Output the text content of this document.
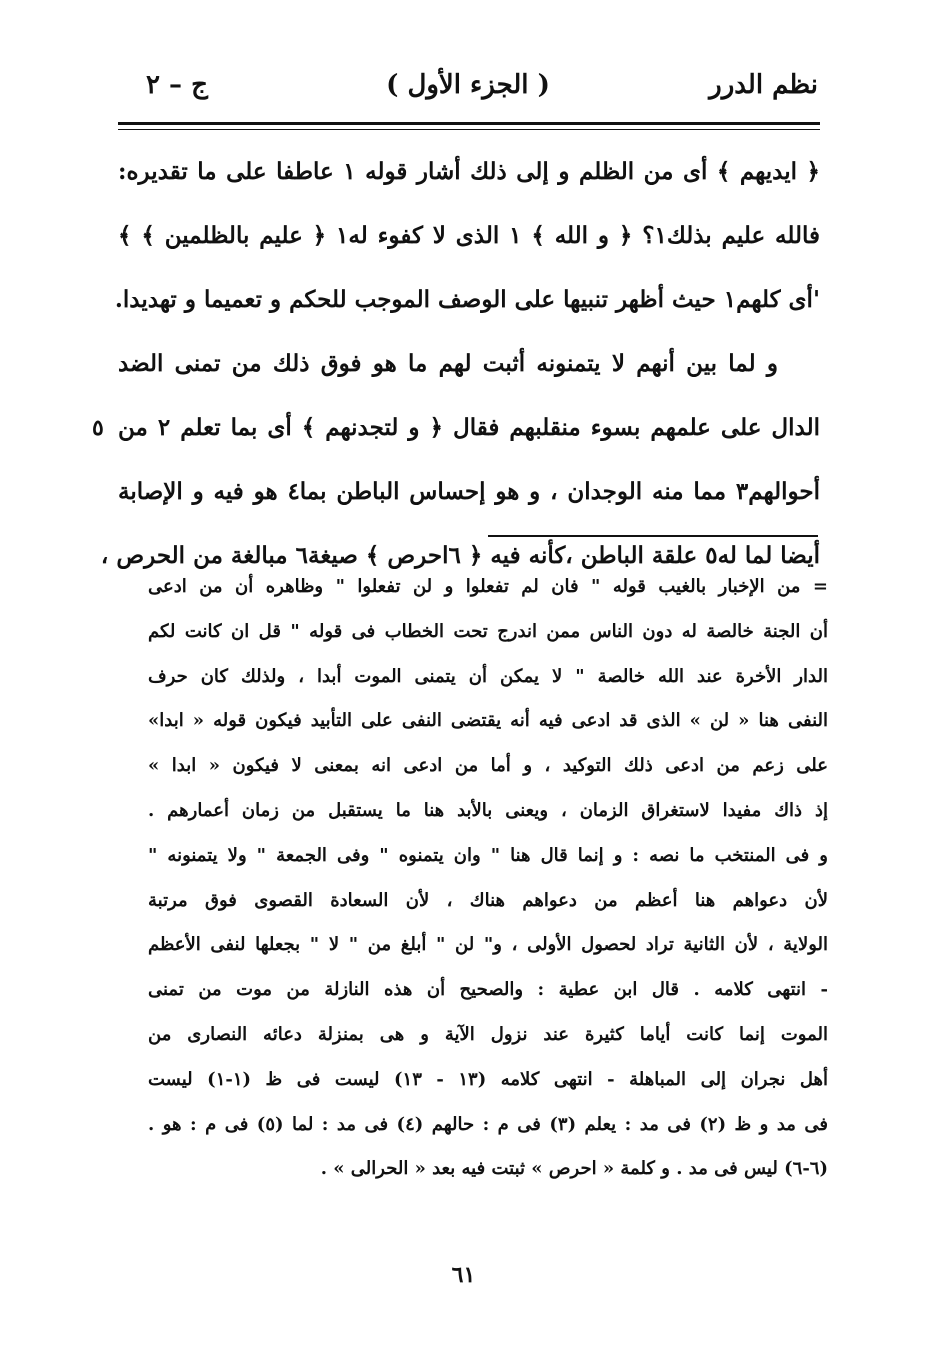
نظم الدرر
( الجزء الأول )
ج – ٢
﴿ ايديهم ﴾ أى من الظلم و إلى ذلك أشار قوله ١ عاطفا على ما تقديره:
فالله عليم بذلك١؟ ﴿ و الله ﴾ ١ الذى لا كفوء له١ ﴿ عليم بالظلمين ﴾ ﴾
'أى كلهم١ حيث أظهر تنبيها على الوصف الموجب للحكم و تعميما و تهديدا.
و لما بين أنهم لا يتمنونه أثبت لهم ما هو فوق ذلك من تمنى الضد
الدال على علمهم بسوء منقلبهم فقال ﴿ و لتجدنهم ﴾ أى بما تعلم ٢ من
٥
أحوالهم٣ مما منه الوجدان ، و هو إحساس الباطن بما٤ هو فيه و الإصابة
أيضا لما له٥ علقة الباطن ،كأنه فيه ﴿ ٦احرص ﴾ صيغة٦ مبالغة من الحرص ،
= من الإخبار بالغيب قوله " فان لم تفعلوا و لن تفعلوا " وظاهره أن من ادعى
أن الجنة خالصة له دون الناس ممن اندرج تحت الخطاب فى قوله " قل ان كانت لكم
الدار الأخرة عند الله خالصة " لا يمكن أن يتمنى الموت أبدا ، ولذلك كان حرف
النفى هنا « لن » الذى قد ادعى فيه أنه يقتضى النفى على التأبيد فيكون قوله « ابدا»
على زعم من ادعى ذلك التوكيد ، و أما من ادعى انه بمعنى لا فيكون « ابدا »
إذ ذاك مفيدا لاستغراق الزمان ، ويعنى بالأبد هنا ما يستقبل من زمان أعمارهم .
و فى المنتخب ما نصه : و إنما قال هنا " وان يتمنوه " وفى الجمعة " ولا يتمنونه "
لأن دعواهم هنا أعظم من دعواهم هناك ، لأن السعادة القصوى فوق مرتبة
الولاية ، لأن الثانية تراد لحصول الأولى ، و" لن " أبلغ من " لا " بجعلها لنفى الأعظم
- انتهى كلامه . قال ابن عطية : والصحيح أن هذه النازلة من موت من تمنى
الموت إنما كانت أياما كثيرة عند نزول الآية و هى بمنزلة دعائه النصارى من
أهل نجران إلى المباهلة - انتهى كلامه (١٣ - ١٣) ليست فى ظ (١-١) ليست
فى مد و ظ (٢) فى مد : يعلم (٣) فى م : حالهم (٤) فى مد : لما (٥) فى م : هو .
(٦-٦) ليس فى مد . و كلمة « احرص » ثبتت فيه بعد « الحرالى » .
٦١
